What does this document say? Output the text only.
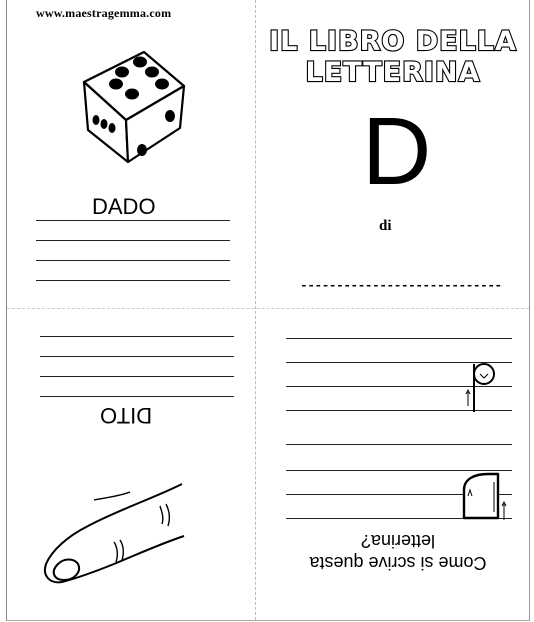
www.maestragemma.com
IL LIBRO DELLA
LETTERINA
D
di
----------------------------
DADO
DITO
Come si scrive questa
letterina?
